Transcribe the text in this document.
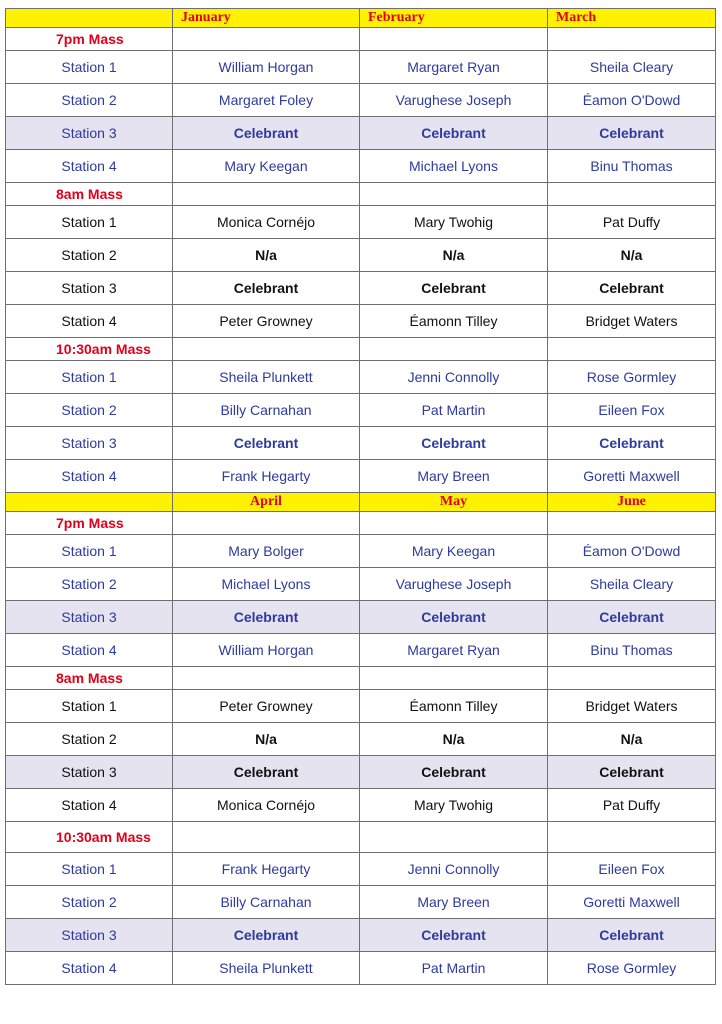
	January	February	March
7pm Mass			
Station 1	William Horgan	Margaret Ryan	Sheila Cleary
Station 2	Margaret Foley	Varughese Joseph	Éamon O'Dowd
Station 3	Celebrant	Celebrant	Celebrant
Station 4	Mary Keegan	Michael Lyons	Binu Thomas
8am Mass			
Station 1	Monica Cornéjo	Mary Twohig	Pat Duffy
Station 2	N/a	N/a	N/a
Station 3	Celebrant	Celebrant	Celebrant
Station 4	Peter Growney	Éamonn Tilley	Bridget Waters
10:30am Mass			
Station 1	Sheila Plunkett	Jenni Connolly	Rose Gormley
Station 2	Billy Carnahan	Pat Martin	Eileen Fox
Station 3	Celebrant	Celebrant	Celebrant
Station 4	Frank Hegarty	Mary Breen	Goretti Maxwell
	April	May	June
7pm Mass			
Station 1	Mary Bolger	Mary Keegan	Éamon O'Dowd
Station 2	Michael Lyons	Varughese Joseph	Sheila Cleary
Station 3	Celebrant	Celebrant	Celebrant
Station 4	William Horgan	Margaret Ryan	Binu Thomas
8am Mass			
Station 1	Peter Growney	Éamonn Tilley	Bridget Waters
Station 2	N/a	N/a	N/a
Station 3	Celebrant	Celebrant	Celebrant
Station 4	Monica Cornéjo	Mary Twohig	Pat Duffy
10:30am Mass			
Station 1	Frank Hegarty	Jenni Connolly	Eileen Fox
Station 2	Billy Carnahan	Mary Breen	Goretti Maxwell
Station 3	Celebrant	Celebrant	Celebrant
Station 4	Sheila Plunkett	Pat Martin	Rose Gormley
